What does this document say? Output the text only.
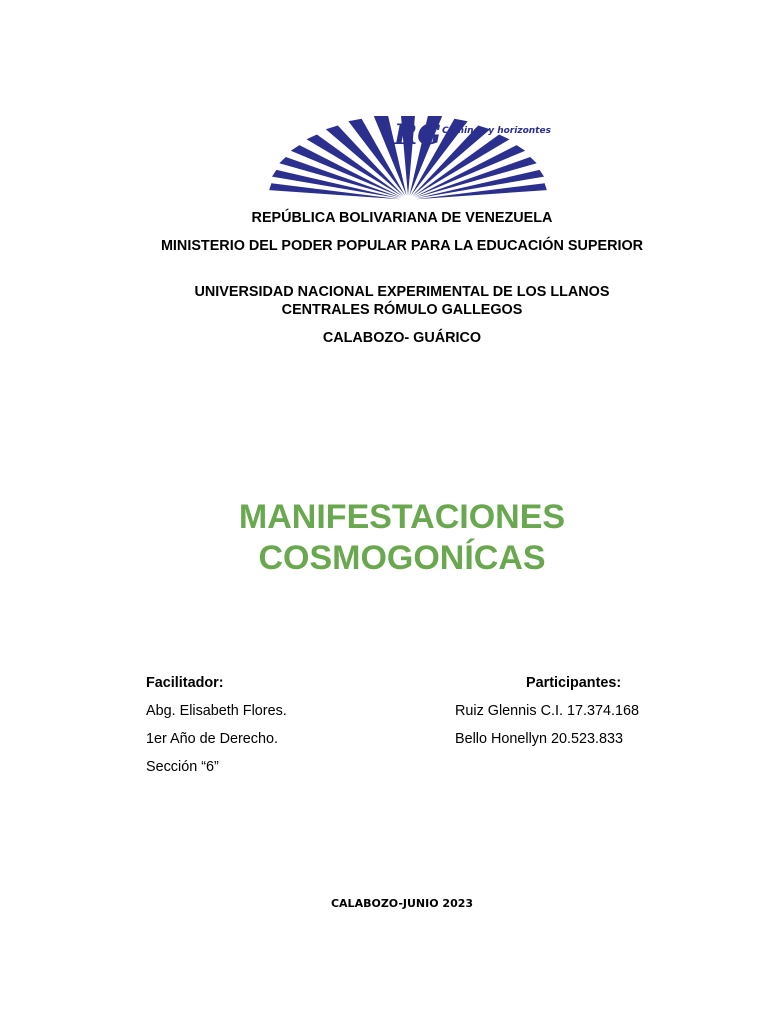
RG Caminos y horizontes
REPÚBLICA BOLIVARIANA DE VENEZUELA
MINISTERIO DEL PODER POPULAR PARA LA EDUCACIÓN SUPERIOR
UNIVERSIDAD NACIONAL EXPERIMENTAL DE LOS LLANOS CENTRALES RÓMULO GALLEGOS
CALABOZO- GUÁRICO
MANIFESTACIONES
COSMOGONÍCAS
Facilitador:
Abg. Elisabeth Flores.
1er Año de Derecho.
Sección “6”
Participantes:
Ruiz Glennis C.I. 17.374.168
Bello Honellyn 20.523.833
CALABOZO-JUNIO 2023
